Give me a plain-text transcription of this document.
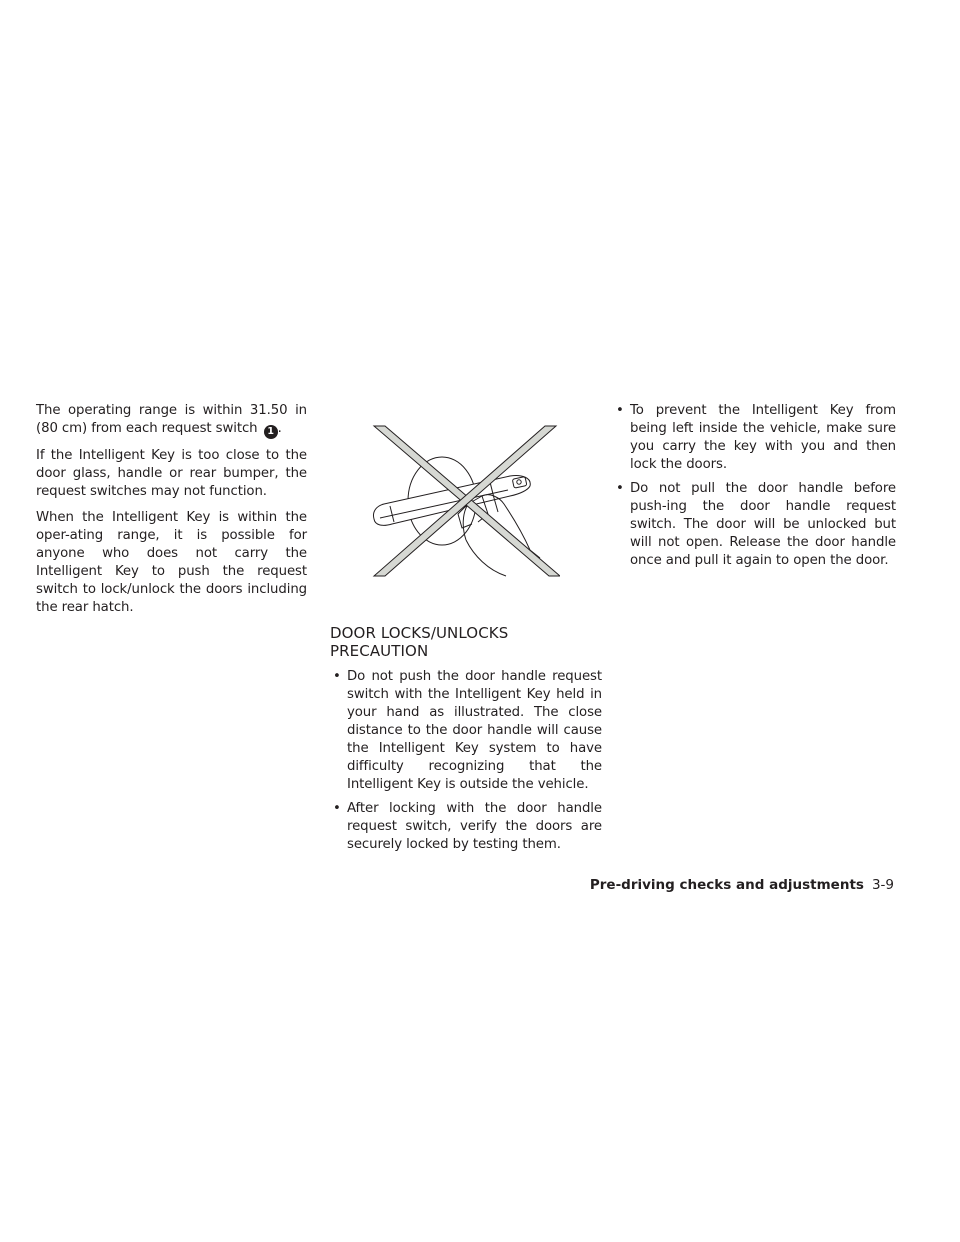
The operating range is within 31.50 in (80 cm) from each request switch 1 .

If the Intelligent Key is too close to the door glass, handle or rear bumper, the request switches may not function.

When the Intelligent Key is within the oper-ating range, it is possible for anyone who does not carry the Intelligent Key to push the request switch to lock/unlock the doors including the rear hatch.

DOOR LOCKS/UNLOCKS
PRECAUTION
• Do not push the door handle request switch with the Intelligent Key held in your hand as illustrated. The close distance to the door handle will cause the Intelligent Key system to have difficulty recognizing that the Intelligent Key is outside the vehicle.
• After locking with the door handle request switch, verify the doors are securely locked by testing them.
• To prevent the Intelligent Key from being left inside the vehicle, make sure you carry the key with you and then lock the doors.
• Do not pull the door handle before push-ing the door handle request switch. The door will be unlocked but will not open. Release the door handle once and pull it again to open the door.
Pre-driving checks and adjustments 3-9
